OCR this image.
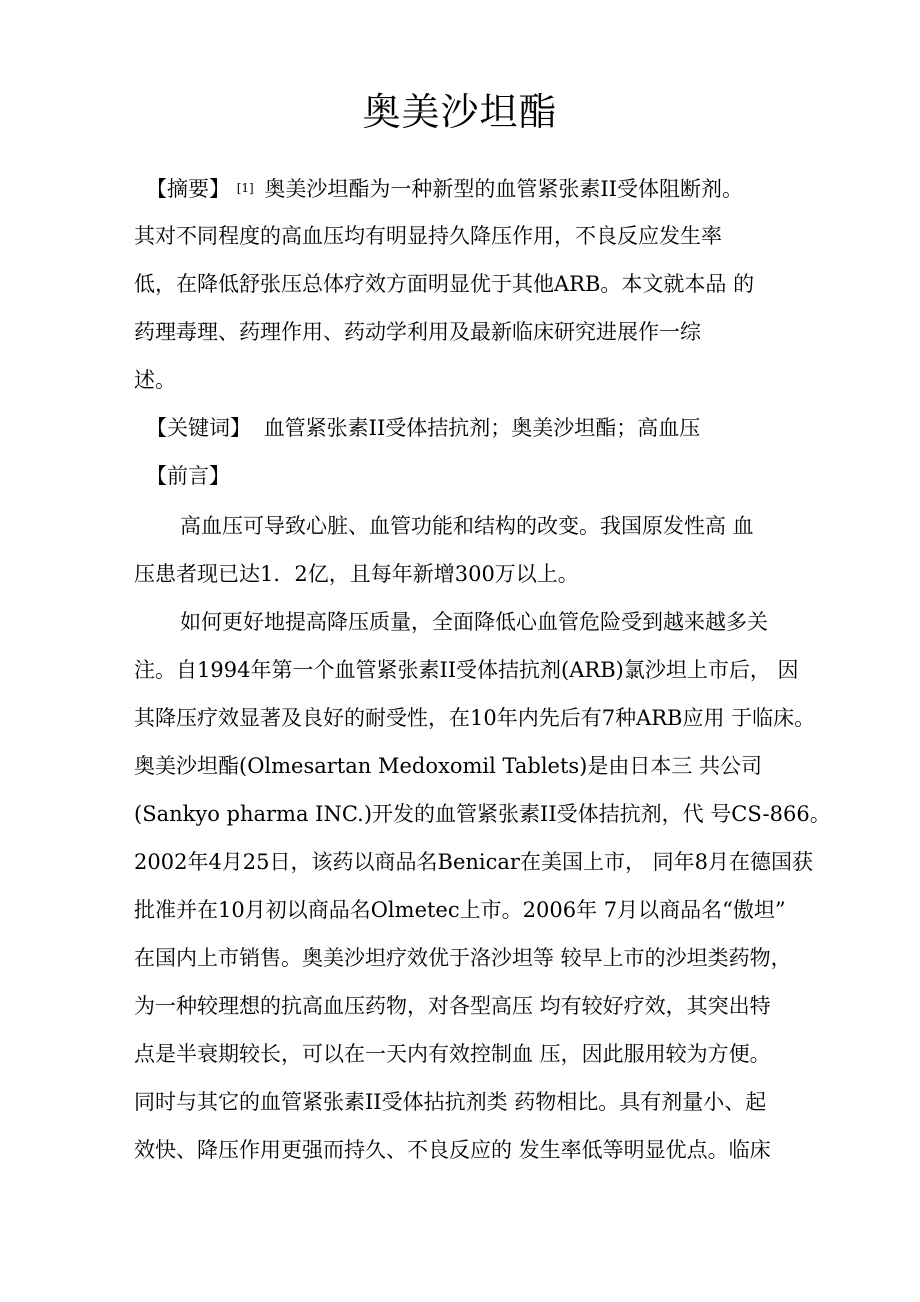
奥美沙坦酯
【摘要】 [1] 奥美沙坦酯为一种新型的血管紧张素II受体阻断剂。
其对不同程度的高血压均有明显持久降压作用，不良反应发生率
低，在降低舒张压总体疗效方面明显优于其他ARB。本文就本品 的
药理毒理、药理作用、药动学利用及最新临床研究进展作一综
述。
【关键词】 血管紧张素II受体拮抗剂；奥美沙坦酯；高血压
【前言】
高血压可导致心脏、血管功能和结构的改变。我国原发性高 血
压患者现已达1．2亿，且每年新增300万以上。
如何更好地提高降压质量，全面降低心血管危险受到越来越多关
注。自1994年第一个血管紧张素II受体拮抗剂(ARB)氯沙坦上市后， 因
其降压疗效显著及良好的耐受性，在10年内先后有7种ARB应用 于临床。
奥美沙坦酯(Olmesartan Medoxomil Tablets)是由日本三 共公司
(Sankyo pharma INC.)开发的血管紧张素II受体拮抗剂，代 号CS-866。
2002年4月25日，该药以商品名Benicar在美国上市， 同年8月在德国获
批准并在10月初以商品名Olmetec上市。2006年 7月以商品名“傲坦”
在国内上市销售。奥美沙坦疗效优于洛沙坦等 较早上市的沙坦类药物，
为一种较理想的抗高血压药物，对各型高压 均有较好疗效，其突出特
点是半衰期较长，可以在一天内有效控制血 压，因此服用较为方便。
同时与其它的血管紧张素II受体拈抗剂类 药物相比。具有剂量小、起
效快、降压作用更强而持久、不良反应的 发生率低等明显优点。临床
